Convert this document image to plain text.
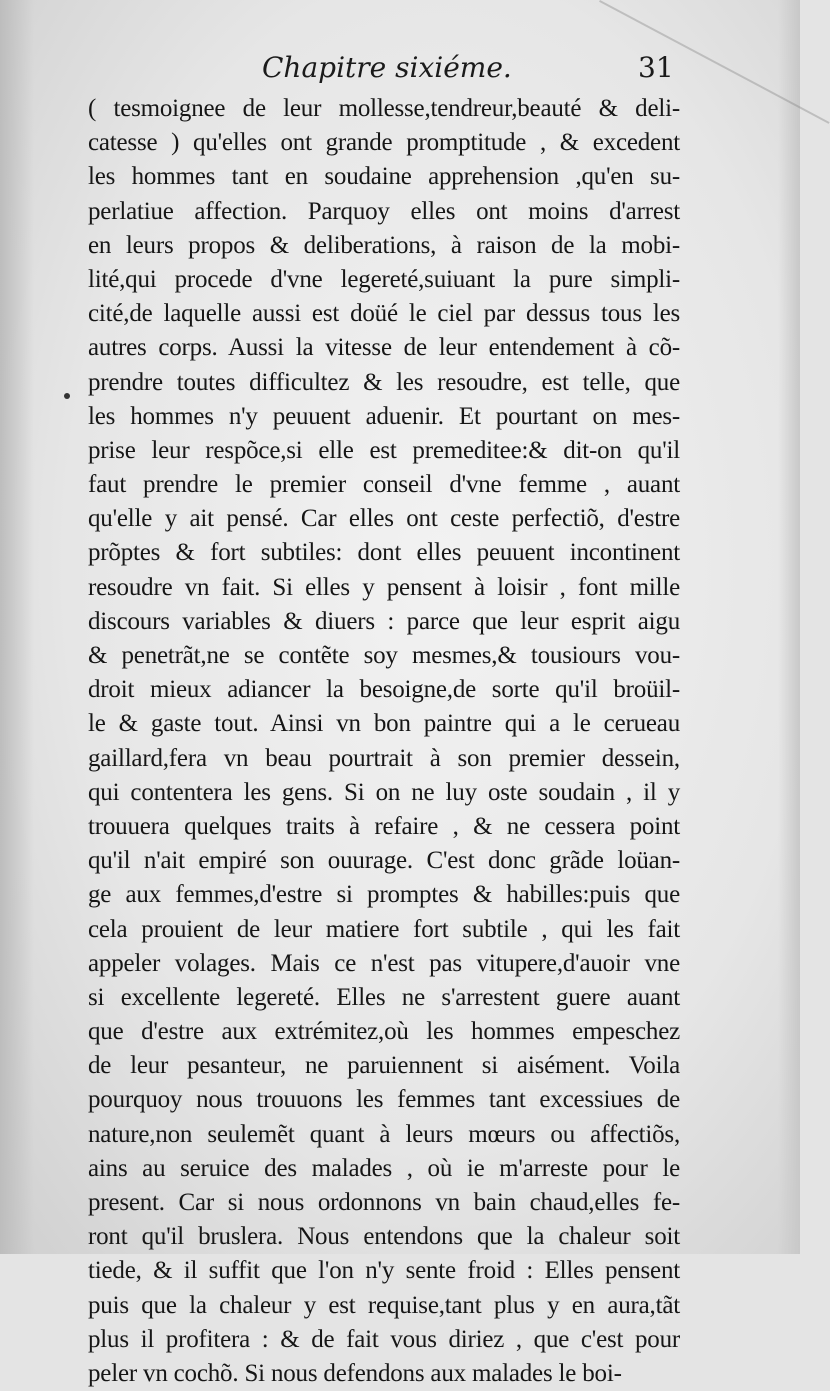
Chapitre sixiéme.	31
( tesmoignee de leur mollesse,tendreur,beauté & deli-
catesse ) qu'elles ont grande promptitude , & excedent
les hommes tant en soudaine apprehension ,qu'en su-
perlatiue affection. Parquoy elles ont moins d'arrest
en leurs propos & deliberations, à raison de la mobi-
lité,qui procede d'vne legereté,suiuant la pure simpli-
cité,de laquelle aussi est doüé le ciel par dessus tous les
autres corps. Aussi la vitesse de leur entendement à cõ-
prendre toutes difficultez & les resoudre, est telle, que
les hommes n'y peuuent aduenir. Et pourtant on mes-
prise leur respõce,si elle est premeditee:& dit-on qu'il
faut prendre le premier conseil d'vne femme , auant
qu'elle y ait pensé. Car elles ont ceste perfectiõ, d'estre
prõptes & fort subtiles: dont elles peuuent incontinent
resoudre vn fait. Si elles y pensent à loisir , font mille
discours variables & diuers : parce que leur esprit aigu
& penetrãt,ne se contẽte soy mesmes,& tousiours vou-
droit mieux adiancer la besoigne,de sorte qu'il broüil-
le & gaste tout. Ainsi vn bon paintre qui a le cerueau
gaillard,fera vn beau pourtrait à son premier dessein,
qui contentera les gens. Si on ne luy oste soudain , il y
trouuera quelques traits à refaire , & ne cessera point
qu'il n'ait empiré son ouurage. C'est donc grãde loüan-
ge aux femmes,d'estre si promptes & habilles:puis que
cela prouient de leur matiere fort subtile , qui les fait
appeler volages. Mais ce n'est pas vitupere,d'auoir vne
si excellente legereté. Elles ne s'arrestent guere auant
que d'estre aux extrémitez,où les hommes empeschez
de leur pesanteur, ne paruiennent si aisément. Voila
pourquoy nous trouuons les femmes tant excessiues de
nature,non seulemẽt quant à leurs mœurs ou affectiõs,
ains au seruice des malades , où ie m'arreste pour le
present. Car si nous ordonnons vn bain chaud,elles fe-
ront qu'il bruslera. Nous entendons que la chaleur soit
tiede, & il suffit que l'on n'y sente froid : Elles pensent
puis que la chaleur y est requise,tant plus y en aura,tãt
plus il profitera : & de fait vous diriez , que c'est pour
peler vn cochõ. Si nous defendons aux malades le boi-
